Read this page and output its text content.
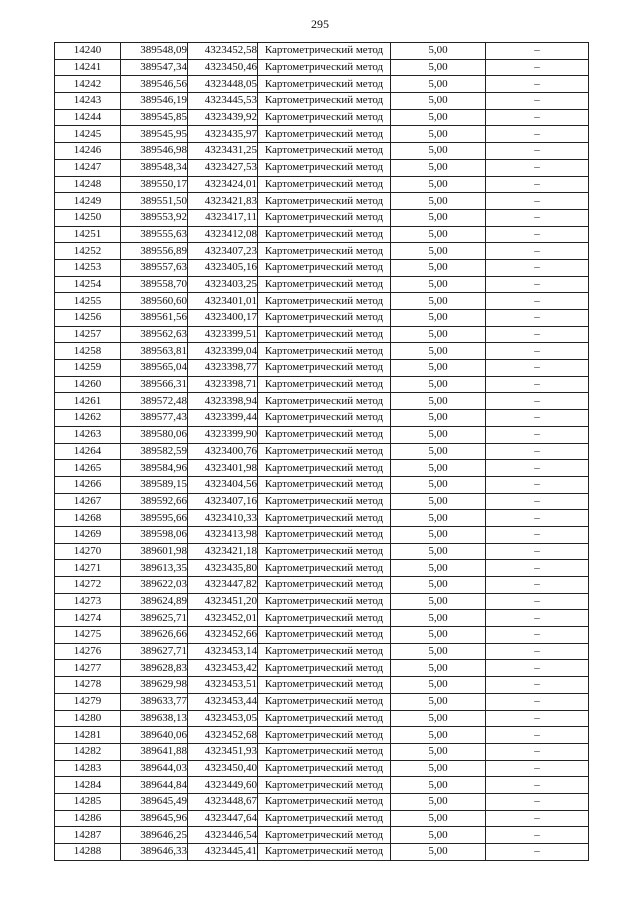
295
14240	389548,09	4323452,58	Картометрический метод	5,00	–
14241	389547,34	4323450,46	Картометрический метод	5,00	–
14242	389546,56	4323448,05	Картометрический метод	5,00	–
14243	389546,19	4323445,53	Картометрический метод	5,00	–
14244	389545,85	4323439,92	Картометрический метод	5,00	–
14245	389545,95	4323435,97	Картометрический метод	5,00	–
14246	389546,98	4323431,25	Картометрический метод	5,00	–
14247	389548,34	4323427,53	Картометрический метод	5,00	–
14248	389550,17	4323424,01	Картометрический метод	5,00	–
14249	389551,50	4323421,83	Картометрический метод	5,00	–
14250	389553,92	4323417,11	Картометрический метод	5,00	–
14251	389555,63	4323412,08	Картометрический метод	5,00	–
14252	389556,89	4323407,23	Картометрический метод	5,00	–
14253	389557,63	4323405,16	Картометрический метод	5,00	–
14254	389558,70	4323403,25	Картометрический метод	5,00	–
14255	389560,60	4323401,01	Картометрический метод	5,00	–
14256	389561,56	4323400,17	Картометрический метод	5,00	–
14257	389562,63	4323399,51	Картометрический метод	5,00	–
14258	389563,81	4323399,04	Картометрический метод	5,00	–
14259	389565,04	4323398,77	Картометрический метод	5,00	–
14260	389566,31	4323398,71	Картометрический метод	5,00	–
14261	389572,48	4323398,94	Картометрический метод	5,00	–
14262	389577,43	4323399,44	Картометрический метод	5,00	–
14263	389580,06	4323399,90	Картометрический метод	5,00	–
14264	389582,59	4323400,76	Картометрический метод	5,00	–
14265	389584,96	4323401,98	Картометрический метод	5,00	–
14266	389589,15	4323404,56	Картометрический метод	5,00	–
14267	389592,66	4323407,16	Картометрический метод	5,00	–
14268	389595,66	4323410,33	Картометрический метод	5,00	–
14269	389598,06	4323413,98	Картометрический метод	5,00	–
14270	389601,98	4323421,18	Картометрический метод	5,00	–
14271	389613,35	4323435,80	Картометрический метод	5,00	–
14272	389622,03	4323447,82	Картометрический метод	5,00	–
14273	389624,89	4323451,20	Картометрический метод	5,00	–
14274	389625,71	4323452,01	Картометрический метод	5,00	–
14275	389626,66	4323452,66	Картометрический метод	5,00	–
14276	389627,71	4323453,14	Картометрический метод	5,00	–
14277	389628,83	4323453,42	Картометрический метод	5,00	–
14278	389629,98	4323453,51	Картометрический метод	5,00	–
14279	389633,77	4323453,44	Картометрический метод	5,00	–
14280	389638,13	4323453,05	Картометрический метод	5,00	–
14281	389640,06	4323452,68	Картометрический метод	5,00	–
14282	389641,88	4323451,93	Картометрический метод	5,00	–
14283	389644,03	4323450,40	Картометрический метод	5,00	–
14284	389644,84	4323449,60	Картометрический метод	5,00	–
14285	389645,49	4323448,67	Картометрический метод	5,00	–
14286	389645,96	4323447,64	Картометрический метод	5,00	–
14287	389646,25	4323446,54	Картометрический метод	5,00	–
14288	389646,33	4323445,41	Картометрический метод	5,00	–
